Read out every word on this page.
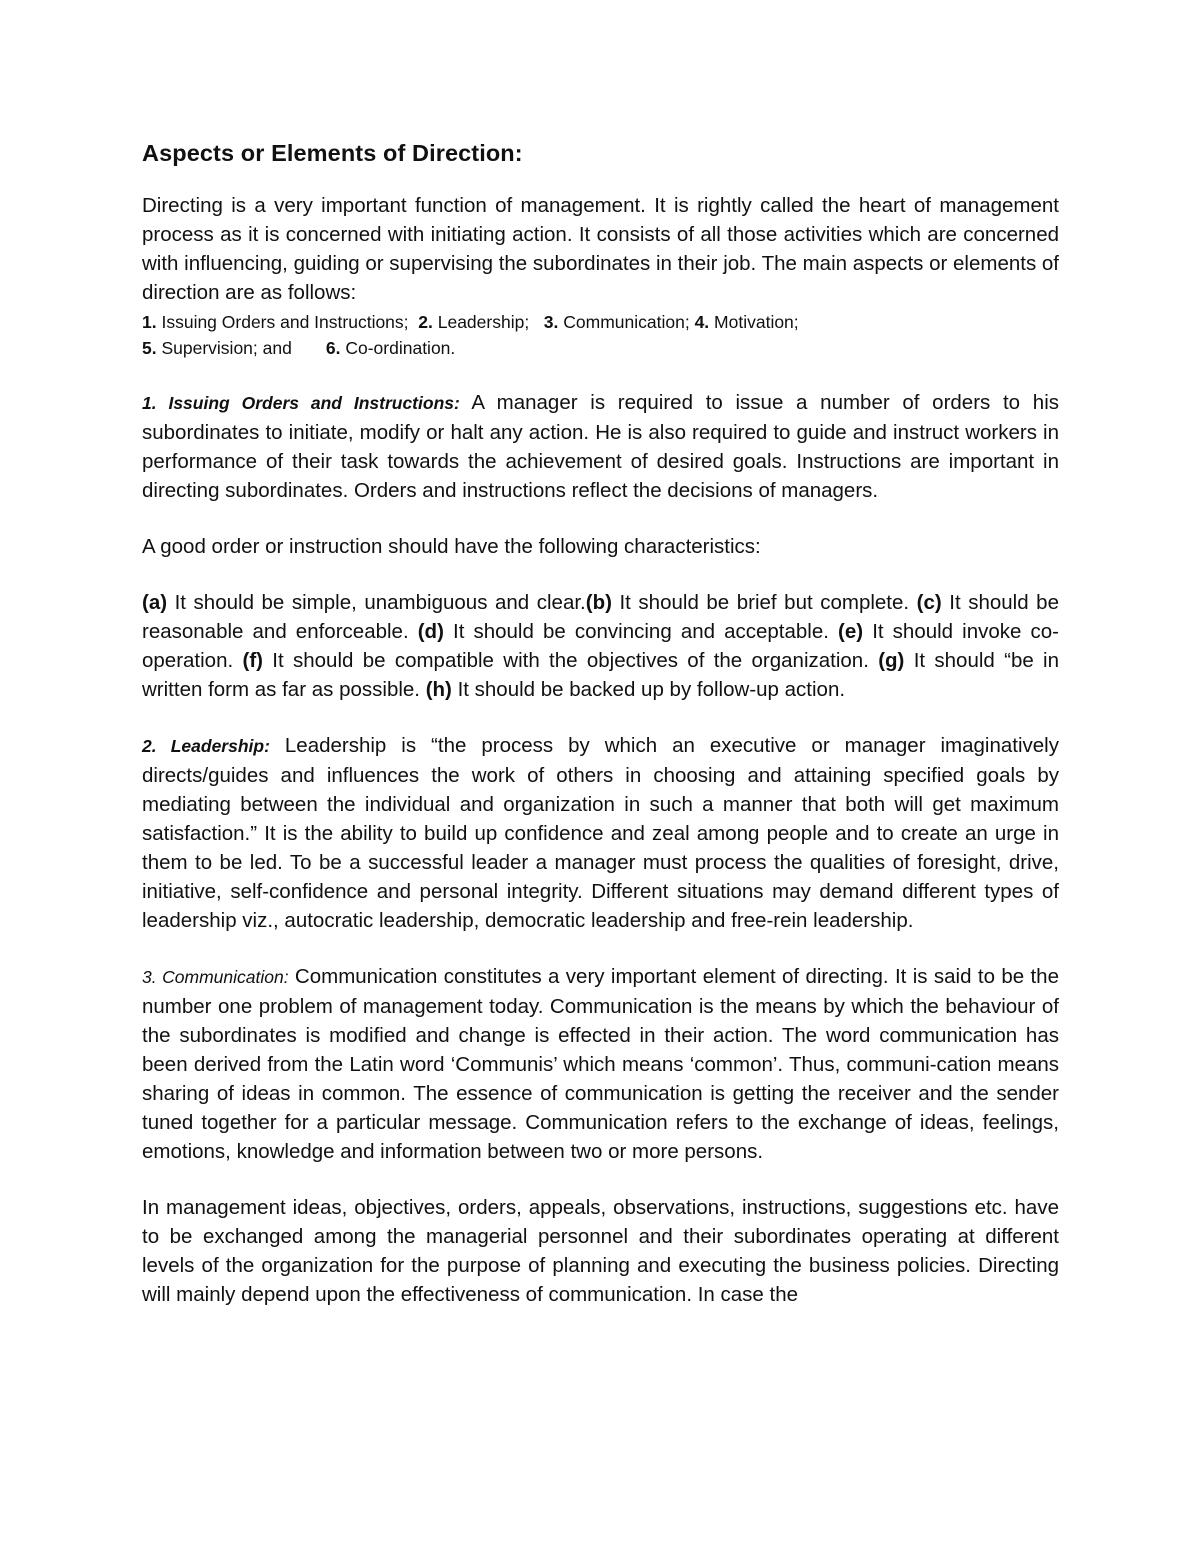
Aspects or Elements of Direction:

Directing is a very important function of management. It is rightly called the heart of management process as it is concerned with initiating action. It consists of all those activities which are concerned with influencing, guiding or supervising the subordinates in their job. The main aspects or elements of direction are as follows:

1. Issuing Orders and Instructions;  2. Leadership;   3. Communication; 4. Motivation;

5. Supervision; and       6. Co-ordination.

1. Issuing Orders and Instructions: A manager is required to issue a number of orders to his subordinates to initiate, modify or halt any action. He is also required to guide and instruct workers in performance of their task towards the achievement of desired goals. Instructions are important in directing subordinates. Orders and instructions reflect the decisions of managers.

A good order or instruction should have the following characteristics:

(a) It should be simple, unambiguous and clear.(b) It should be brief but complete. (c) It should be reasonable and enforceable. (d) It should be convincing and acceptable. (e) It should invoke co-operation. (f) It should be compatible with the objectives of the organization. (g) It should “be in written form as far as possible. (h) It should be backed up by follow-up action.

2. Leadership: Leadership is “the process by which an executive or manager imaginatively directs/guides and influences the work of others in choosing and attaining specified goals by mediating between the individual and organization in such a manner that both will get maximum satisfaction.” It is the ability to build up confidence and zeal among people and to create an urge in them to be led. To be a successful leader a manager must process the qualities of foresight, drive, initiative, self-confidence and personal integrity. Different situations may demand different types of leadership viz., autocratic leadership, democratic leadership and free-rein leadership.

3. Communication: Communication constitutes a very important element of directing. It is said to be the number one problem of management today. Communication is the means by which the behaviour of the subordinates is modified and change is effected in their action. The word communication has been derived from the Latin word ‘Communis’ which means ‘common’. Thus, communi-cation means sharing of ideas in common. The essence of communication is getting the receiver and the sender tuned together for a particular message. Communication refers to the exchange of ideas, feelings, emotions, knowledge and information between two or more persons.

In management ideas, objectives, orders, appeals, observations, instructions, suggestions etc. have to be exchanged among the managerial personnel and their subordinates operating at different levels of the organization for the purpose of planning and executing the business policies. Directing will mainly depend upon the effectiveness of communication. In case the
